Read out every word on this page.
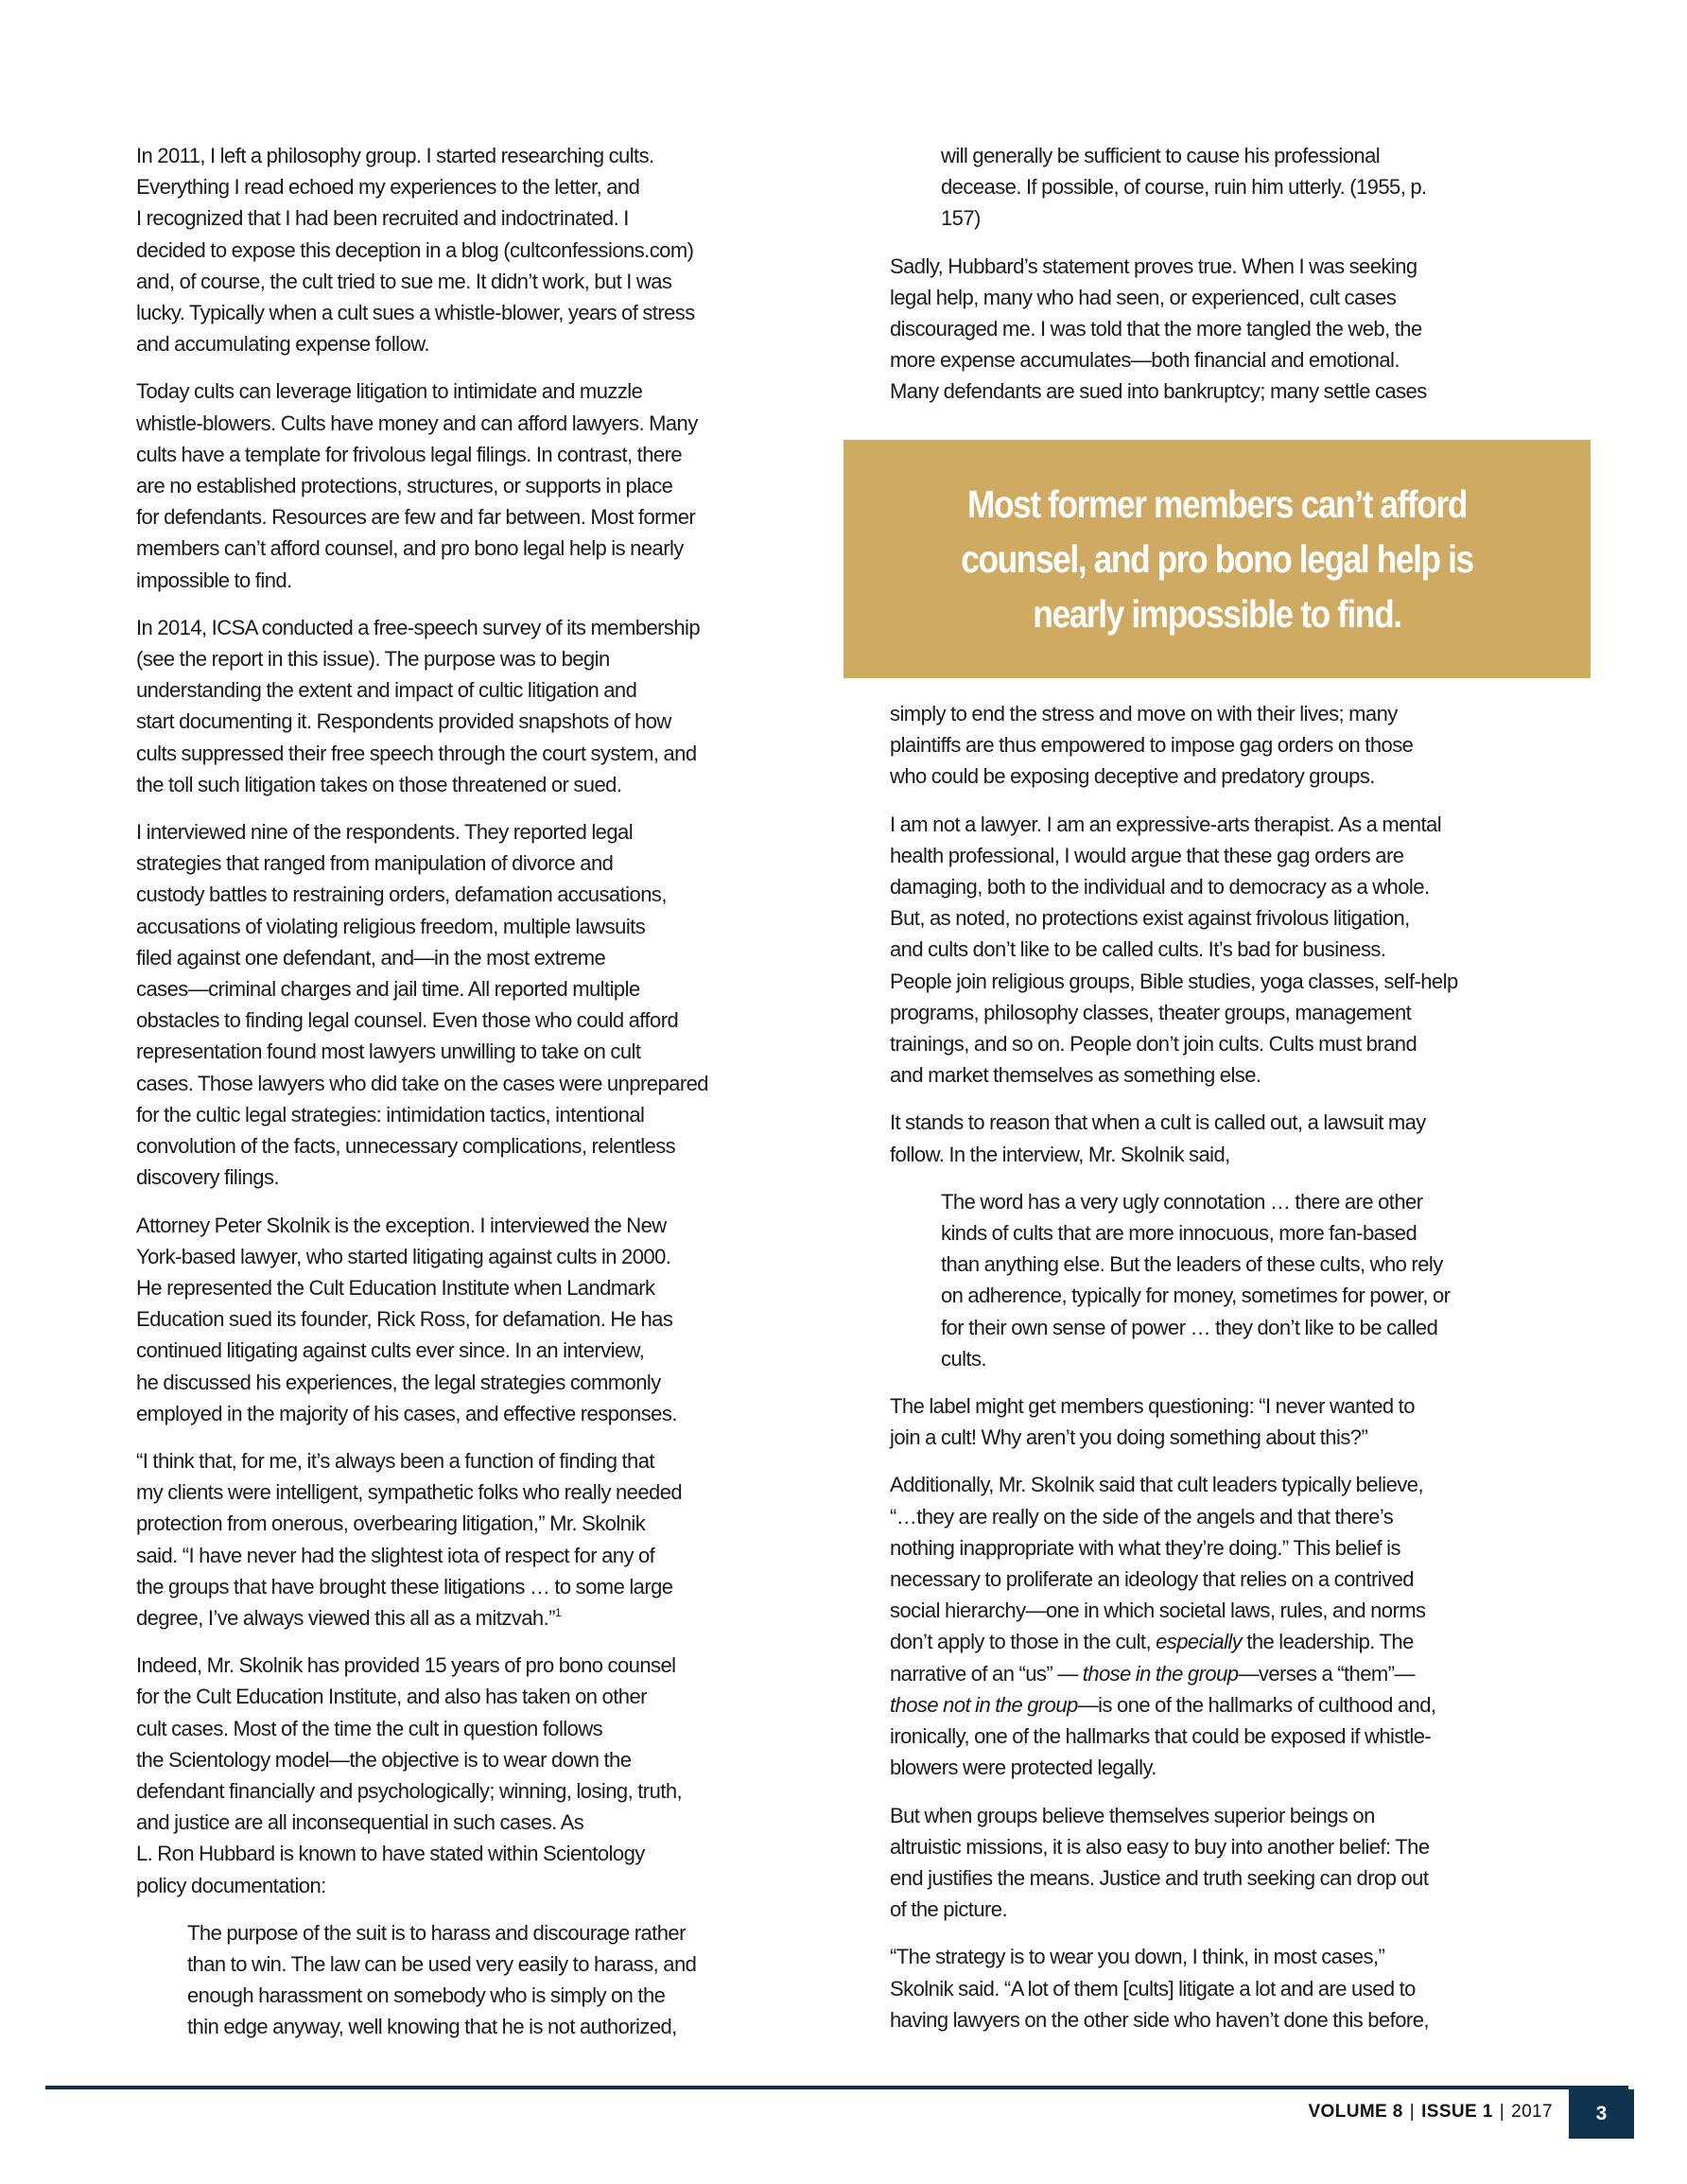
In 2011, I left a philosophy group. I started researching cults.
Everything I read echoed my experiences to the letter, and
I recognized that I had been recruited and indoctrinated. I
decided to expose this deception in a blog (cultconfessions.com)
and, of course, the cult tried to sue me. It didn’t work, but I was
lucky. Typically when a cult sues a whistle-blower, years of stress
and accumulating expense follow.

Today cults can leverage litigation to intimidate and muzzle
whistle-blowers. Cults have money and can afford lawyers. Many
cults have a template for frivolous legal filings. In contrast, there
are no established protections, structures, or supports in place
for defendants. Resources are few and far between. Most former
members can’t afford counsel, and pro bono legal help is nearly
impossible to find.

In 2014, ICSA conducted a free-speech survey of its membership
(see the report in this issue). The purpose was to begin
understanding the extent and impact of cultic litigation and
start documenting it. Respondents provided snapshots of how
cults suppressed their free speech through the court system, and
the toll such litigation takes on those threatened or sued.

I interviewed nine of the respondents. They reported legal
strategies that ranged from manipulation of divorce and
custody battles to restraining orders, defamation accusations,
accusations of violating religious freedom, multiple lawsuits
filed against one defendant, and—in the most extreme
cases—criminal charges and jail time. All reported multiple
obstacles to finding legal counsel. Even those who could afford
representation found most lawyers unwilling to take on cult
cases. Those lawyers who did take on the cases were unprepared
for the cultic legal strategies: intimidation tactics, intentional
convolution of the facts, unnecessary complications, relentless
discovery filings.

Attorney Peter Skolnik is the exception. I interviewed the New
York-based lawyer, who started litigating against cults in 2000.
He represented the Cult Education Institute when Landmark
Education sued its founder, Rick Ross, for defamation. He has
continued litigating against cults ever since. In an interview,
he discussed his experiences, the legal strategies commonly
employed in the majority of his cases, and effective responses.

“I think that, for me, it’s always been a function of finding that
my clients were intelligent, sympathetic folks who really needed
protection from onerous, overbearing litigation,” Mr. Skolnik
said. “I have never had the slightest iota of respect for any of
the groups that have brought these litigations … to some large
degree, I’ve always viewed this all as a mitzvah.”$^1$

Indeed, Mr. Skolnik has provided 15 years of pro bono counsel
for the Cult Education Institute, and also has taken on other
cult cases. Most of the time the cult in question follows
the Scientology model—the objective is to wear down the
defendant financially and psychologically; winning, losing, truth,
and justice are all inconsequential in such cases. As
L. Ron Hubbard is known to have stated within Scientology
policy documentation:

The purpose of the suit is to harass and discourage rather
than to win. The law can be used very easily to harass, and
enough harassment on somebody who is simply on the
thin edge anyway, well knowing that he is not authorized,
will generally be sufficient to cause his professional
decease. If possible, of course, ruin him utterly. (1955, p.
157)

Sadly, Hubbard’s statement proves true. When I was seeking
legal help, many who had seen, or experienced, cult cases
discouraged me. I was told that the more tangled the web, the
more expense accumulates—both financial and emotional.
Many defendants are sued into bankruptcy; many settle cases

Most former members can’t afford
counsel, and pro bono legal help is
nearly impossible to find.

simply to end the stress and move on with their lives; many
plaintiffs are thus empowered to impose gag orders on those
who could be exposing deceptive and predatory groups.

I am not a lawyer. I am an expressive-arts therapist. As a mental
health professional, I would argue that these gag orders are
damaging, both to the individual and to democracy as a whole.
But, as noted, no protections exist against frivolous litigation,
and cults don’t like to be called cults. It’s bad for business.
People join religious groups, Bible studies, yoga classes, self-help
programs, philosophy classes, theater groups, management
trainings, and so on. People don’t join cults. Cults must brand
and market themselves as something else.

It stands to reason that when a cult is called out, a lawsuit may
follow. In the interview, Mr. Skolnik said,

The word has a very ugly connotation … there are other
kinds of cults that are more innocuous, more fan-based
than anything else. But the leaders of these cults, who rely
on adherence, typically for money, sometimes for power, or
for their own sense of power … they don’t like to be called
cults.

The label might get members questioning: “I never wanted to
join a cult! Why aren’t you doing something about this?”

Additionally, Mr. Skolnik said that cult leaders typically believe,
“…they are really on the side of the angels and that there’s
nothing inappropriate with what they’re doing.” This belief is
necessary to proliferate an ideology that relies on a contrived
social hierarchy—one in which societal laws, rules, and norms
don’t apply to those in the cult, especially the leadership. The
narrative of an “us” — those in the group—verses a “them”—
those not in the group—is one of the hallmarks of culthood and,
ironically, one of the hallmarks that could be exposed if whistle-
blowers were protected legally.

But when groups believe themselves superior beings on
altruistic missions, it is also easy to buy into another belief: The
end justifies the means. Justice and truth seeking can drop out
of the picture.

“The strategy is to wear you down, I think, in most cases,”
Skolnik said. “A lot of them [cults] litigate a lot and are used to
having lawyers on the other side who haven’t done this before,

VOLUME 8 | ISSUE 1 | 2017	3
